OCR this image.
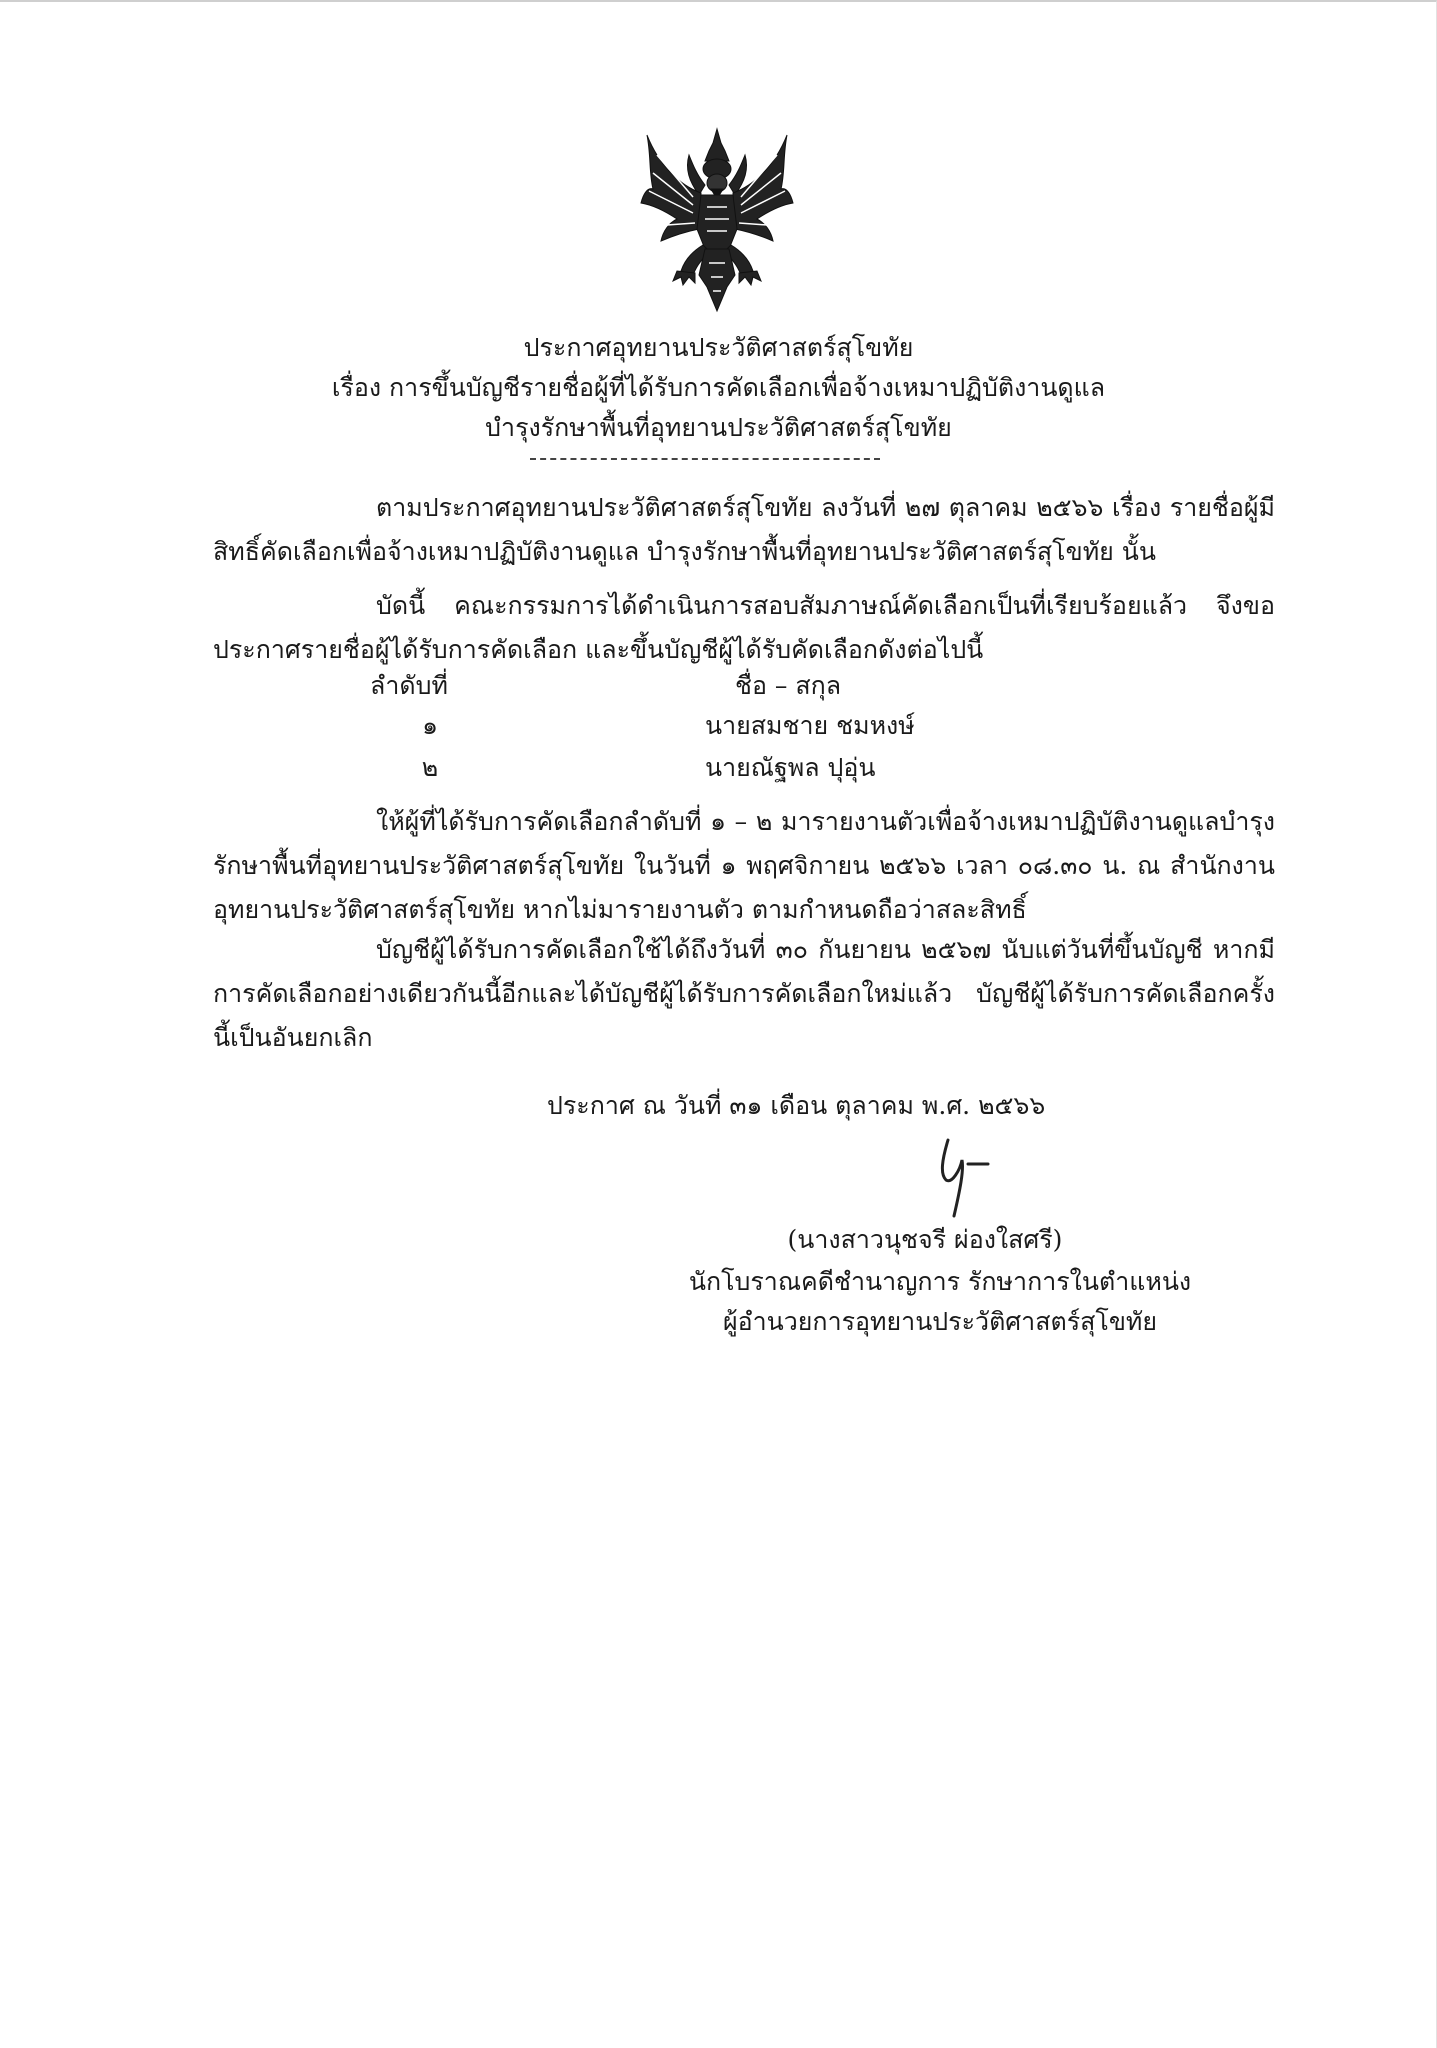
ประกาศอุทยานประวัติศาสตร์สุโขทัย
เรื่อง การขึ้นบัญชีรายชื่อผู้ที่ได้รับการคัดเลือกเพื่อจ้างเหมาปฏิบัติงานดูแล
บำรุงรักษาพื้นที่อุทยานประวัติศาสตร์สุโขทัย
ตามประกาศอุทยานประวัติศาสตร์สุโขทัย ลงวันที่ ๒๗ ตุลาคม ๒๕๖๖ เรื่อง รายชื่อผู้มีสิทธิ์คัดเลือกเพื่อจ้างเหมาปฏิบัติงานดูแล บำรุงรักษาพื้นที่อุทยานประวัติศาสตร์สุโขทัย นั้น
บัดนี้ คณะกรรมการได้ดำเนินการสอบสัมภาษณ์คัดเลือกเป็นที่เรียบร้อยแล้ว จึงขอประกาศรายชื่อผู้ได้รับการคัดเลือก และขึ้นบัญชีผู้ได้รับคัดเลือกดังต่อไปนี้
ลำดับที่	ชื่อ – สกุล
๑	นายสมชาย ชมหงษ์
๒	นายณัฐพล ปุอุ่น
ให้ผู้ที่ได้รับการคัดเลือกลำดับที่ ๑ – ๒ มารายงานตัวเพื่อจ้างเหมาปฏิบัติงานดูแลบำรุงรักษาพื้นที่อุทยานประวัติศาสตร์สุโขทัย ในวันที่ ๑ พฤศจิกายน ๒๕๖๖ เวลา ๐๘.๓๐ น. ณ สำนักงานอุทยานประวัติศาสตร์สุโขทัย หากไม่มารายงานตัว ตามกำหนดถือว่าสละสิทธิ์
บัญชีผู้ได้รับการคัดเลือกใช้ได้ถึงวันที่ ๓๐ กันยายน ๒๕๖๗ นับแต่วันที่ขึ้นบัญชี หากมีการคัดเลือกอย่างเดียวกันนี้อีกและได้บัญชีผู้ได้รับการคัดเลือกใหม่แล้ว บัญชีผู้ได้รับการคัดเลือกครั้งนี้เป็นอันยกเลิก
ประกาศ ณ วันที่ ๓๑ เดือน ตุลาคม พ.ศ. ๒๕๖๖
(นางสาวนุชจรี ผ่องใสศรี)
นักโบราณคดีชำนาญการ รักษาการในตำแหน่ง
ผู้อำนวยการอุทยานประวัติศาสตร์สุโขทัย
